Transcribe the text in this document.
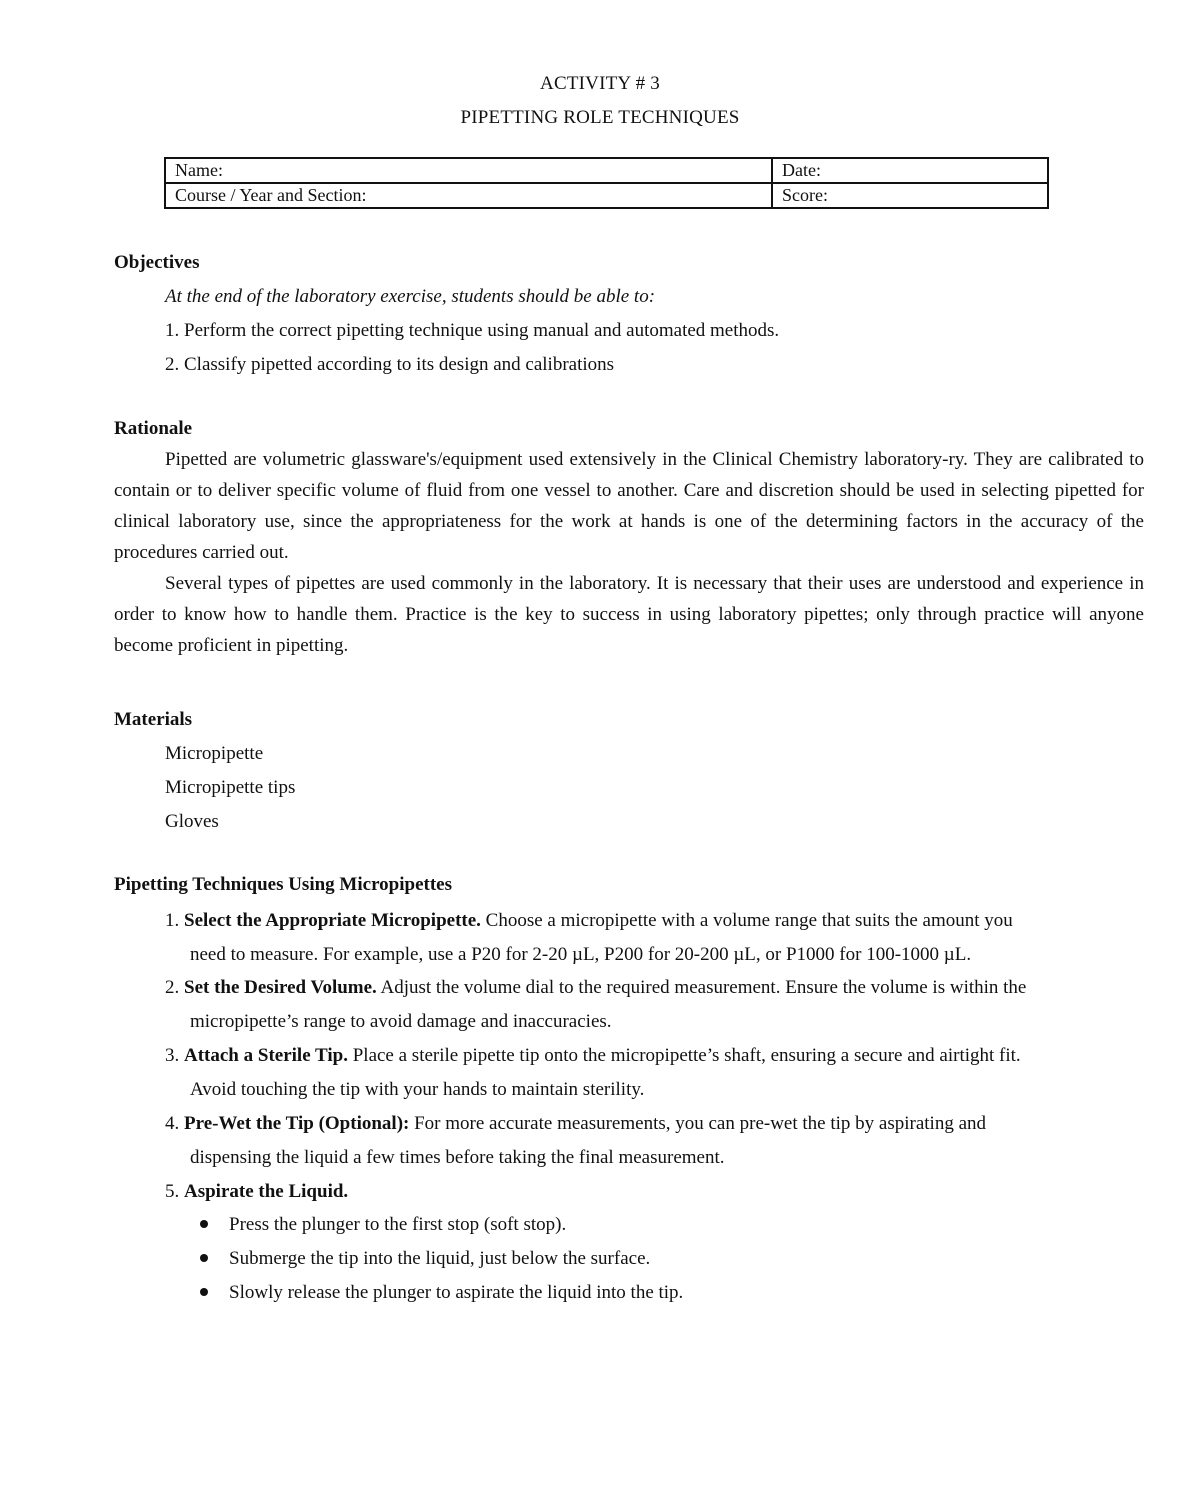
ACTIVITY # 3
PIPETTING ROLE TECHNIQUES
Name:	Date:
Course / Year and Section:	Score:
Objectives
At the end of the laboratory exercise, students should be able to:
1. Perform the correct pipetting technique using manual and automated methods.
2. Classify pipetted according to its design and calibrations
Rationale
Pipetted are volumetric glassware's/equipment used extensively in the Clinical Chemistry laboratory-ry. They are calibrated to contain or to deliver specific volume of fluid from one vessel to another. Care and discretion should be used in selecting pipetted for clinical laboratory use, since the appropriateness for the work at hands is one of the determining factors in the accuracy of the procedures carried out.
Several types of pipettes are used commonly in the laboratory. It is necessary that their uses are understood and experience in order to know how to handle them. Practice is the key to success in using laboratory pipettes; only through practice will anyone become proficient in pipetting.
Materials
Micropipette
Micropipette tips
Gloves
Pipetting Techniques Using Micropipettes
1. Select the Appropriate Micropipette. Choose a micropipette with a volume range that suits the amount you
need to measure. For example, use a P20 for 2-20 µL, P200 for 20-200 µL, or P1000 for 100-1000 µL.
2. Set the Desired Volume. Adjust the volume dial to the required measurement. Ensure the volume is within the
micropipette’s range to avoid damage and inaccuracies.
3. Attach a Sterile Tip. Place a sterile pipette tip onto the micropipette’s shaft, ensuring a secure and airtight fit.
Avoid touching the tip with your hands to maintain sterility.
4. Pre-Wet the Tip (Optional): For more accurate measurements, you can pre-wet the tip by aspirating and
dispensing the liquid a few times before taking the final measurement.
5. Aspirate the Liquid.
Press the plunger to the first stop (soft stop).
Submerge the tip into the liquid, just below the surface.
Slowly release the plunger to aspirate the liquid into the tip.
